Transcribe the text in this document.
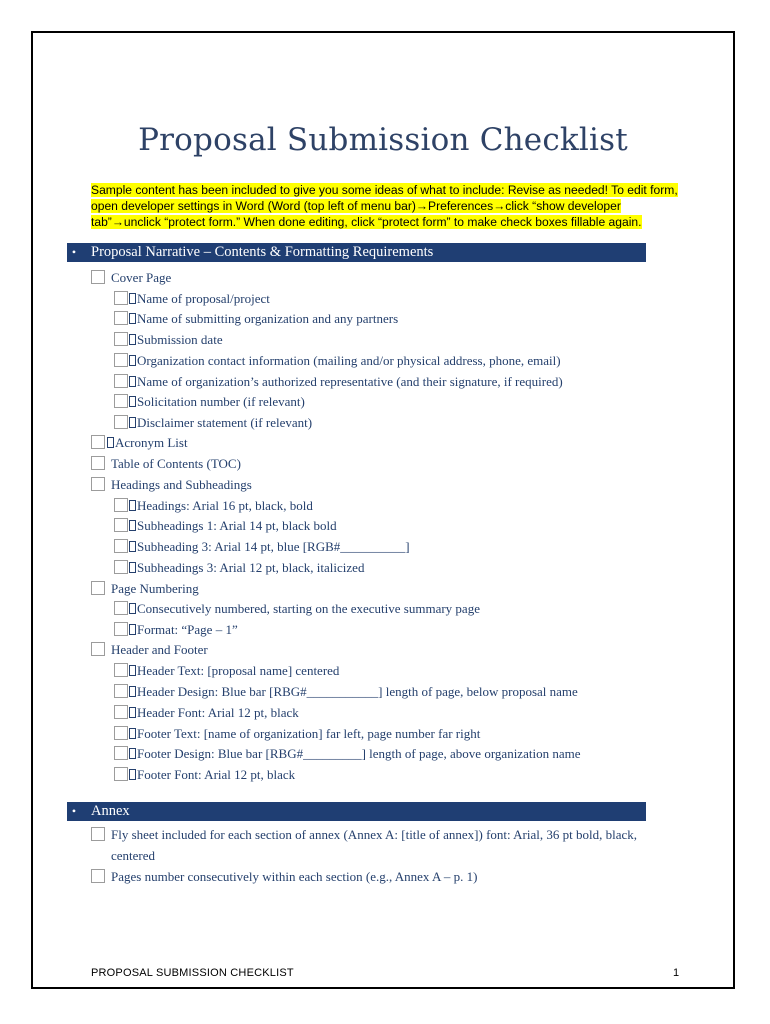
Proposal Submission Checklist
Sample content has been included to give you some ideas of what to include: Revise as needed! To edit form, open developer settings in Word (Word (top left of menu bar)→Preferences→click “show developer tab”→unclick “protect form.” When done editing, click “protect form” to make check boxes fillable again.
•	Proposal Narrative – Contents & Formatting Requirements
Cover Page
Name of proposal/project
Name of submitting organization and any partners
Submission date
Organization contact information (mailing and/or physical address, phone, email)
Name of organization’s authorized representative (and their signature, if required)
Solicitation number (if relevant)
Disclaimer statement (if relevant)
Acronym List
Table of Contents (TOC)
Headings and Subheadings
Headings: Arial 16 pt, black, bold
Subheadings 1: Arial 14 pt, black bold
Subheading 3: Arial 14 pt, blue [RGB#__________]
Subheadings 3: Arial 12 pt, black, italicized
Page Numbering
Consecutively numbered, starting on the executive summary page
Format: “Page – 1”
Header and Footer
Header Text: [proposal name] centered
Header Design: Blue bar [RBG#___________] length of page, below proposal name
Header Font: Arial 12 pt, black
Footer Text: [name of organization] far left, page number far right
Footer Design: Blue bar [RBG#_________] length of page, above organization name
Footer Font: Arial 12 pt, black
•	Annex
Fly sheet included for each section of annex (Annex A: [title of annex]) font: Arial, 36 pt bold, black,
centered
Pages number consecutively within each section (e.g., Annex A – p. 1)
PROPOSAL SUBMISSION CHECKLIST	1
